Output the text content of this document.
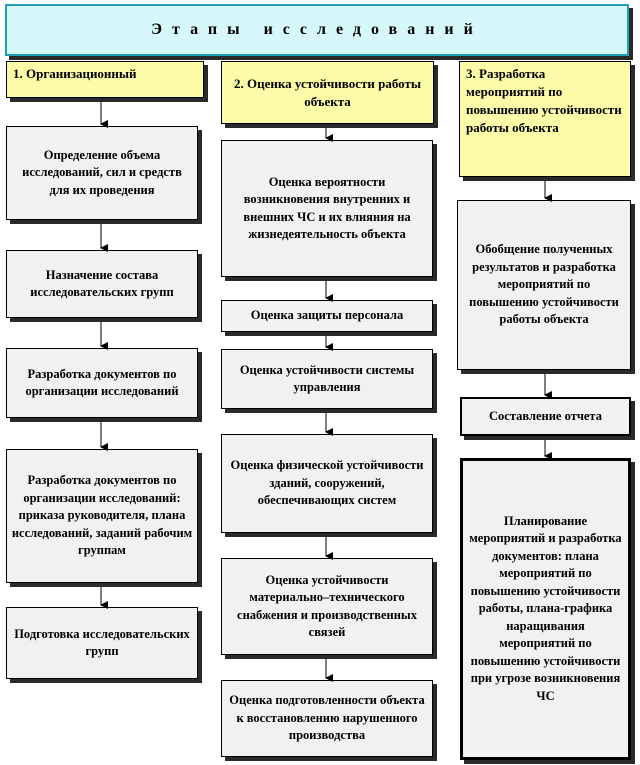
Этапы исследований
1. Организационный
2. Оценка устойчивости работы объекта
3. Разработка мероприятий по повышению устойчивости работы объекта
Определение объема исследований, сил и средств для их проведения
Назначение состава исследовательских групп
Разработка документов по организации исследований
Разработка документов по организации исследований: приказа руководителя, плана исследований, заданий рабочим группам
Подготовка исследовательских групп
Оценка вероятности возникновения внутренних и внешних ЧС и их влияния на жизнедеятельность объекта
Оценка защиты персонала
Оценка устойчивости системы управления
Оценка физической устойчивости зданий, сооружений, обеспечивающих систем
Оценка устойчивости материально–технического снабжения и производственных связей
Оценка подготовленности объекта к восстановлению нарушенного производства
Обобщение полученных результатов и разработка мероприятий по повышению устойчивости работы объекта
Составление отчета
Планирование мероприятий и разработка документов: плана мероприятий по повышению устойчивости работы, плана-графика наращивания мероприятий по повышению устойчивости при угрозе возникновения ЧС
